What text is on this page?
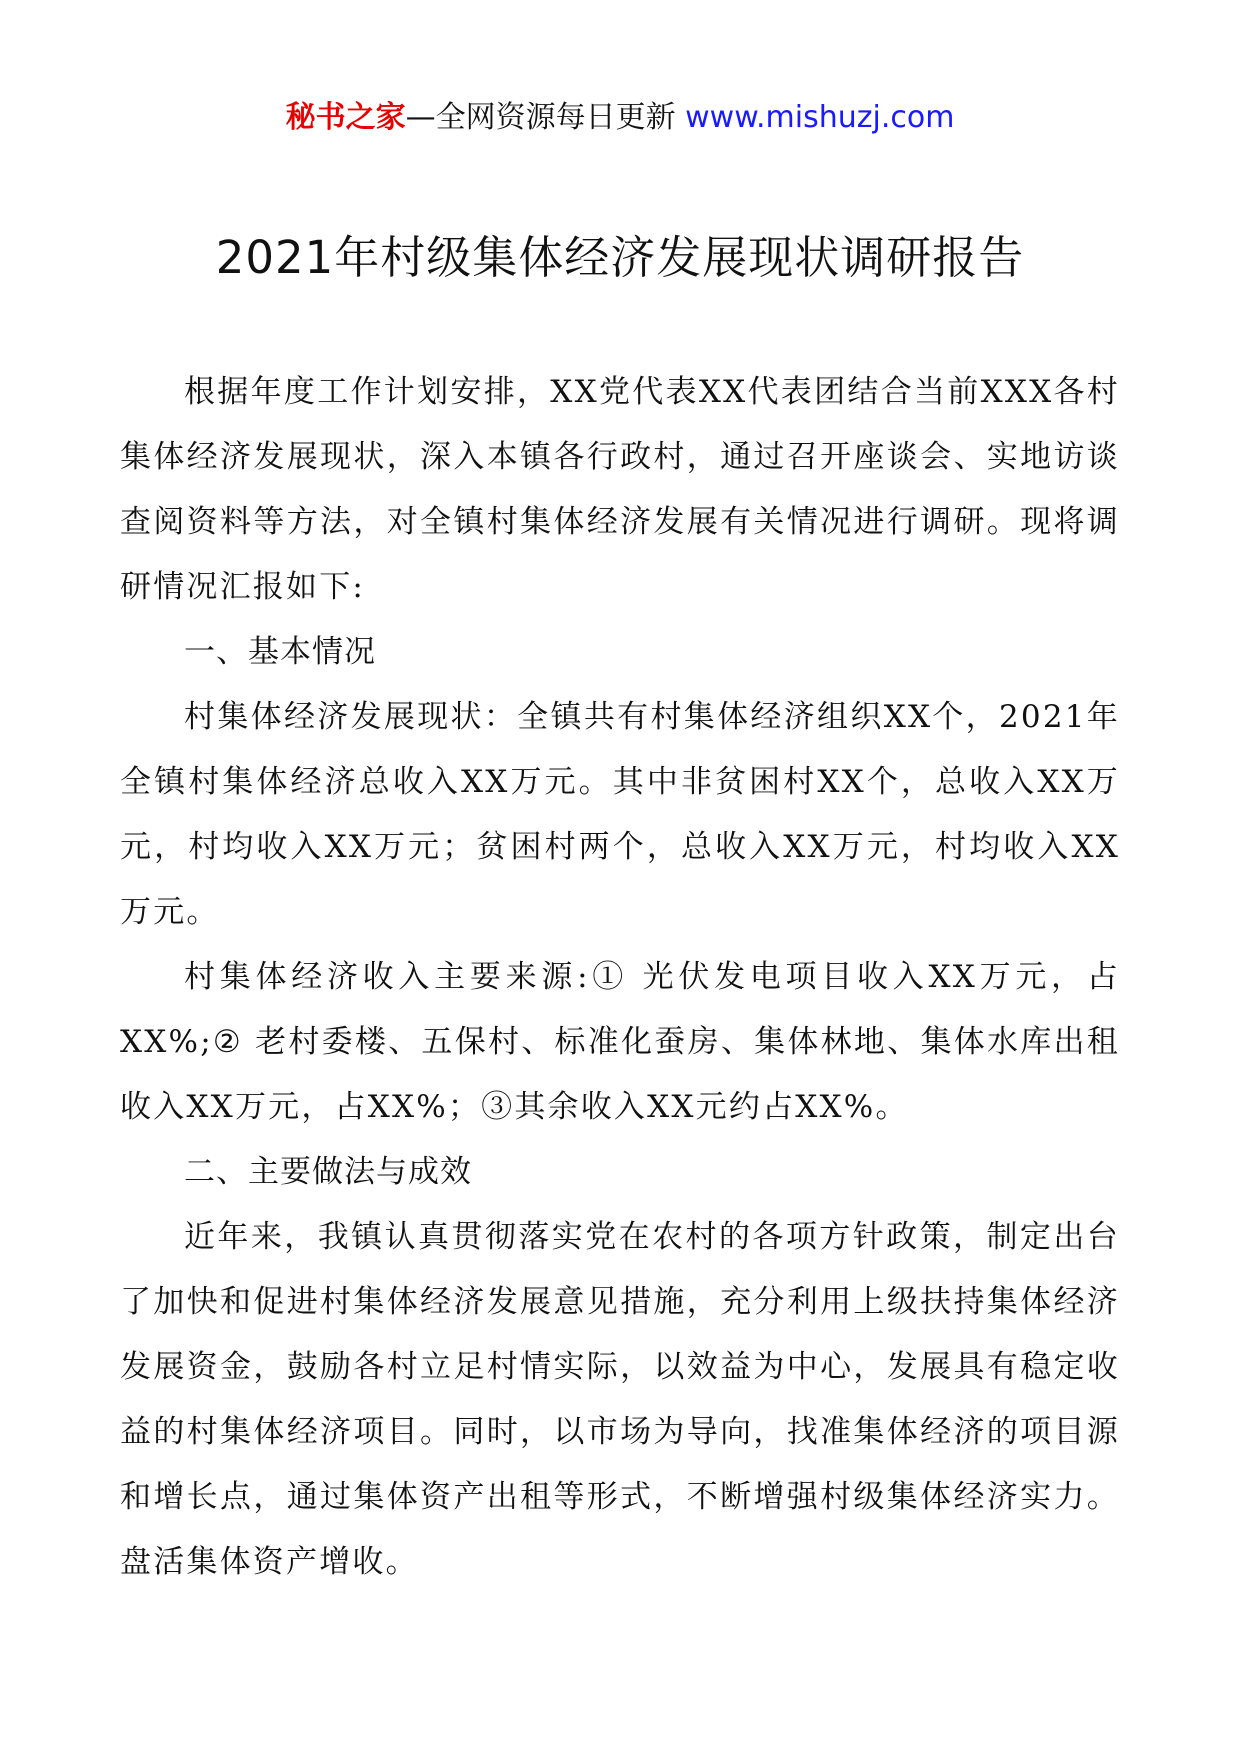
秘书之家—全网资源每日更新 www.mishuzj.com
2021年村级集体经济发展现状调研报告

根据年度工作计划安排，XX党代表XX代表团结合当前XXX各村集体经济发展现状，深入本镇各行政村，通过召开座谈会、实地访谈查阅资料等方法，对全镇村集体经济发展有关情况进行调研。现将调研情况汇报如下:

一、基本情况

村集体经济发展现状：全镇共有村集体经济组织XX个，2021年全镇村集体经济总收入XX万元。其中非贫困村XX个，总收入XX万元，村均收入XX万元；贫困村两个，总收入XX万元，村均收入XX万元。

村集体经济收入主要来源:① 光伏发电项目收入XX万元，占XX%;② 老村委楼、五保村、标准化蚕房、集体林地、集体水库出租收入XX万元，占XX%；③其余收入XX元约占XX%。

二、主要做法与成效

近年来，我镇认真贯彻落实党在农村的各项方针政策，制定出台了加快和促进村集体经济发展意见措施，充分利用上级扶持集体经济发展资金，鼓励各村立足村情实际，以效益为中心，发展具有稳定收益的村集体经济项目。同时，以市场为导向，找准集体经济的项目源和增长点，通过集体资产出租等形式，不断增强村级集体经济实力。盘活集体资产增收。
